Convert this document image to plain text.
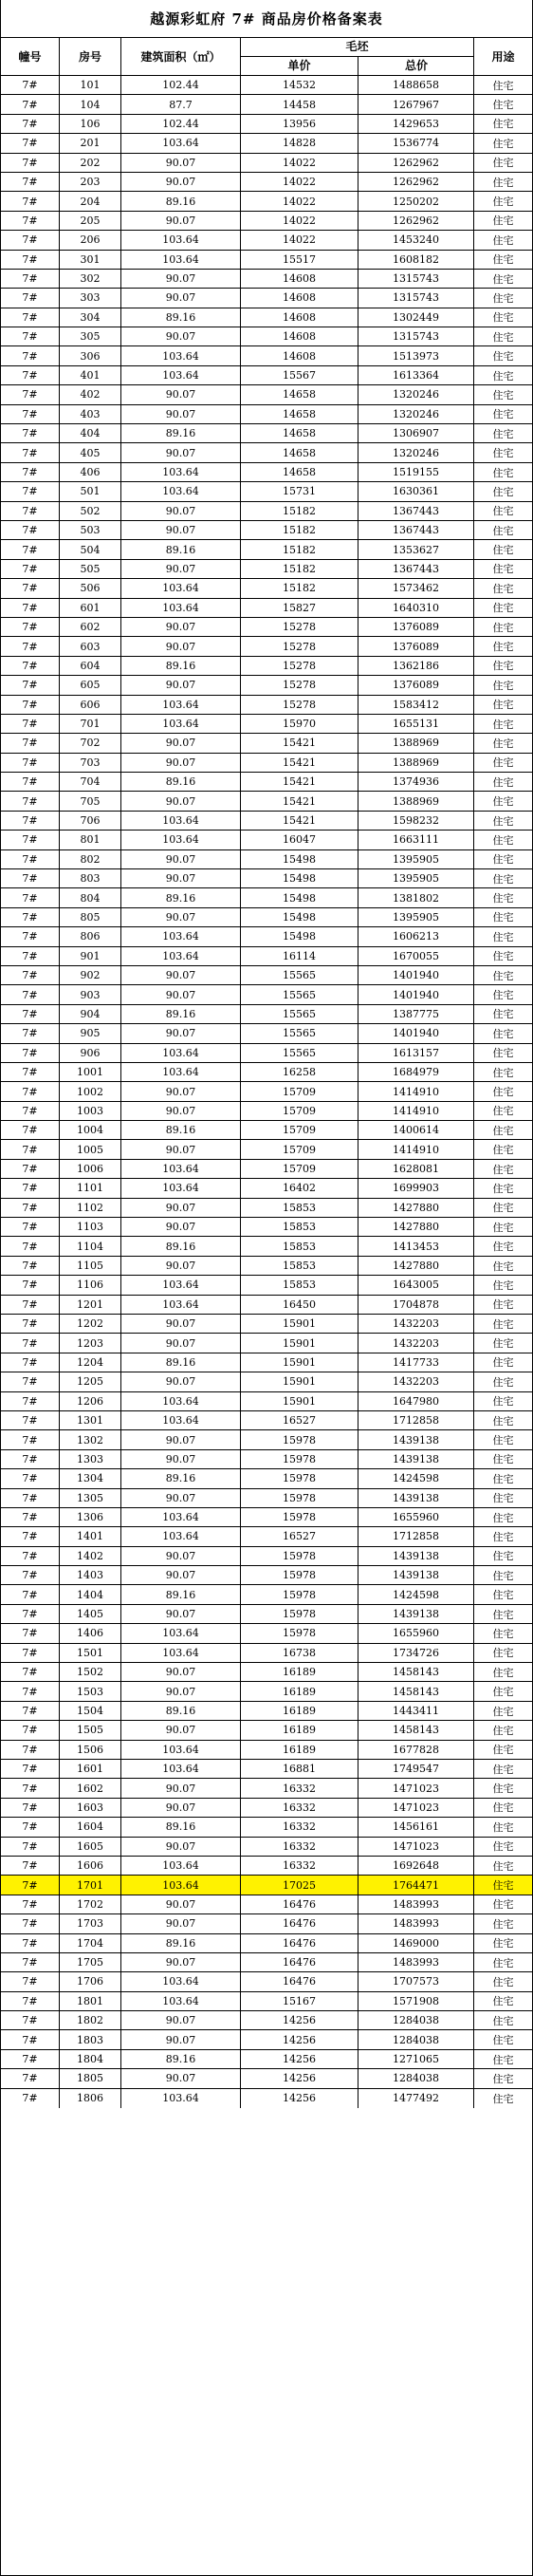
越源彩虹府 7# 商品房价格备案表
幢号	房号	建筑面积（㎡）
毛坯
单价	总价
用途
7#	101	102.44	14532	1488658	住宅
7#	104	87.7	14458	1267967	住宅
7#	106	102.44	13956	1429653	住宅
7#	201	103.64	14828	1536774	住宅
7#	202	90.07	14022	1262962	住宅
7#	203	90.07	14022	1262962	住宅
7#	204	89.16	14022	1250202	住宅
7#	205	90.07	14022	1262962	住宅
7#	206	103.64	14022	1453240	住宅
7#	301	103.64	15517	1608182	住宅
7#	302	90.07	14608	1315743	住宅
7#	303	90.07	14608	1315743	住宅
7#	304	89.16	14608	1302449	住宅
7#	305	90.07	14608	1315743	住宅
7#	306	103.64	14608	1513973	住宅
7#	401	103.64	15567	1613364	住宅
7#	402	90.07	14658	1320246	住宅
7#	403	90.07	14658	1320246	住宅
7#	404	89.16	14658	1306907	住宅
7#	405	90.07	14658	1320246	住宅
7#	406	103.64	14658	1519155	住宅
7#	501	103.64	15731	1630361	住宅
7#	502	90.07	15182	1367443	住宅
7#	503	90.07	15182	1367443	住宅
7#	504	89.16	15182	1353627	住宅
7#	505	90.07	15182	1367443	住宅
7#	506	103.64	15182	1573462	住宅
7#	601	103.64	15827	1640310	住宅
7#	602	90.07	15278	1376089	住宅
7#	603	90.07	15278	1376089	住宅
7#	604	89.16	15278	1362186	住宅
7#	605	90.07	15278	1376089	住宅
7#	606	103.64	15278	1583412	住宅
7#	701	103.64	15970	1655131	住宅
7#	702	90.07	15421	1388969	住宅
7#	703	90.07	15421	1388969	住宅
7#	704	89.16	15421	1374936	住宅
7#	705	90.07	15421	1388969	住宅
7#	706	103.64	15421	1598232	住宅
7#	801	103.64	16047	1663111	住宅
7#	802	90.07	15498	1395905	住宅
7#	803	90.07	15498	1395905	住宅
7#	804	89.16	15498	1381802	住宅
7#	805	90.07	15498	1395905	住宅
7#	806	103.64	15498	1606213	住宅
7#	901	103.64	16114	1670055	住宅
7#	902	90.07	15565	1401940	住宅
7#	903	90.07	15565	1401940	住宅
7#	904	89.16	15565	1387775	住宅
7#	905	90.07	15565	1401940	住宅
7#	906	103.64	15565	1613157	住宅
7#	1001	103.64	16258	1684979	住宅
7#	1002	90.07	15709	1414910	住宅
7#	1003	90.07	15709	1414910	住宅
7#	1004	89.16	15709	1400614	住宅
7#	1005	90.07	15709	1414910	住宅
7#	1006	103.64	15709	1628081	住宅
7#	1101	103.64	16402	1699903	住宅
7#	1102	90.07	15853	1427880	住宅
7#	1103	90.07	15853	1427880	住宅
7#	1104	89.16	15853	1413453	住宅
7#	1105	90.07	15853	1427880	住宅
7#	1106	103.64	15853	1643005	住宅
7#	1201	103.64	16450	1704878	住宅
7#	1202	90.07	15901	1432203	住宅
7#	1203	90.07	15901	1432203	住宅
7#	1204	89.16	15901	1417733	住宅
7#	1205	90.07	15901	1432203	住宅
7#	1206	103.64	15901	1647980	住宅
7#	1301	103.64	16527	1712858	住宅
7#	1302	90.07	15978	1439138	住宅
7#	1303	90.07	15978	1439138	住宅
7#	1304	89.16	15978	1424598	住宅
7#	1305	90.07	15978	1439138	住宅
7#	1306	103.64	15978	1655960	住宅
7#	1401	103.64	16527	1712858	住宅
7#	1402	90.07	15978	1439138	住宅
7#	1403	90.07	15978	1439138	住宅
7#	1404	89.16	15978	1424598	住宅
7#	1405	90.07	15978	1439138	住宅
7#	1406	103.64	15978	1655960	住宅
7#	1501	103.64	16738	1734726	住宅
7#	1502	90.07	16189	1458143	住宅
7#	1503	90.07	16189	1458143	住宅
7#	1504	89.16	16189	1443411	住宅
7#	1505	90.07	16189	1458143	住宅
7#	1506	103.64	16189	1677828	住宅
7#	1601	103.64	16881	1749547	住宅
7#	1602	90.07	16332	1471023	住宅
7#	1603	90.07	16332	1471023	住宅
7#	1604	89.16	16332	1456161	住宅
7#	1605	90.07	16332	1471023	住宅
7#	1606	103.64	16332	1692648	住宅
7#	1701	103.64	17025	1764471	住宅
7#	1702	90.07	16476	1483993	住宅
7#	1703	90.07	16476	1483993	住宅
7#	1704	89.16	16476	1469000	住宅
7#	1705	90.07	16476	1483993	住宅
7#	1706	103.64	16476	1707573	住宅
7#	1801	103.64	15167	1571908	住宅
7#	1802	90.07	14256	1284038	住宅
7#	1803	90.07	14256	1284038	住宅
7#	1804	89.16	14256	1271065	住宅
7#	1805	90.07	14256	1284038	住宅
7#	1806	103.64	14256	1477492	住宅
